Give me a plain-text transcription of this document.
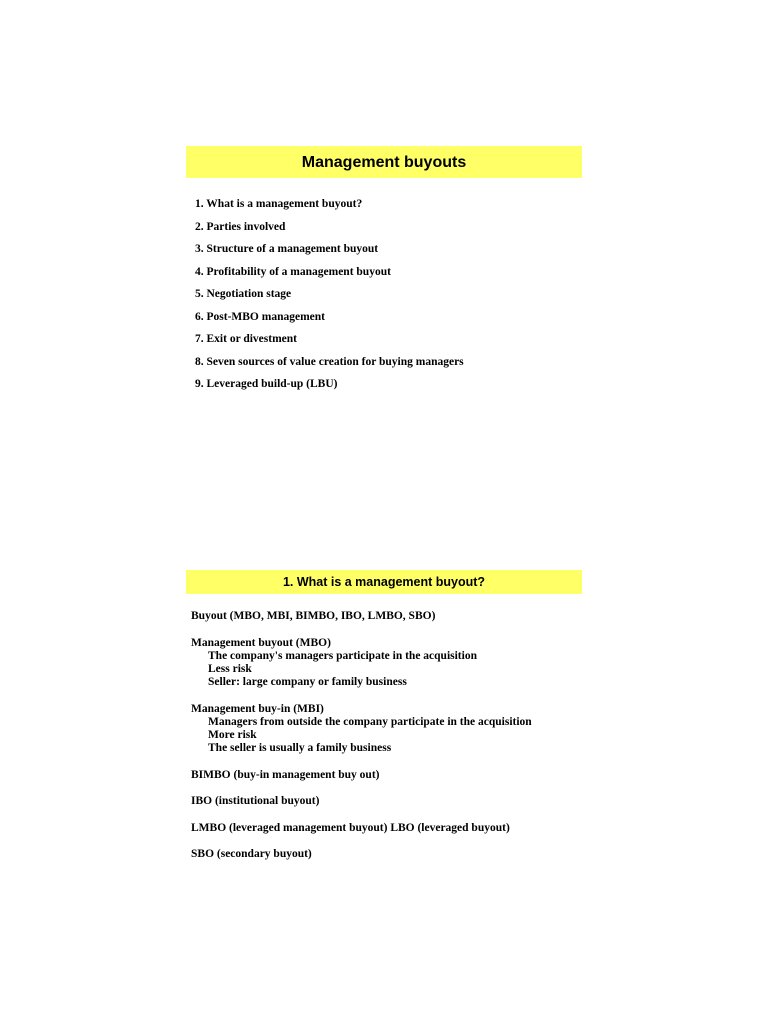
Management buyouts
1. What is a management buyout?
2. Parties involved
3. Structure of a management buyout
4. Profitability of a management buyout
5. Negotiation stage
6. Post-MBO management
7. Exit or divestment
8. Seven sources of value creation for buying managers
9. Leveraged build-up (LBU)
1. What is a management buyout?
Buyout (MBO, MBI, BIMBO, IBO, LMBO, SBO)
Management buyout (MBO)
The company's managers participate in the acquisition
Less risk
Seller: large company or family business
Management buy-in (MBI)
Managers from outside the company participate in the acquisition
More risk
The seller is usually a family business
BIMBO (buy-in management buy out)
IBO (institutional buyout)
LMBO (leveraged management buyout) LBO (leveraged buyout)
SBO (secondary buyout)
